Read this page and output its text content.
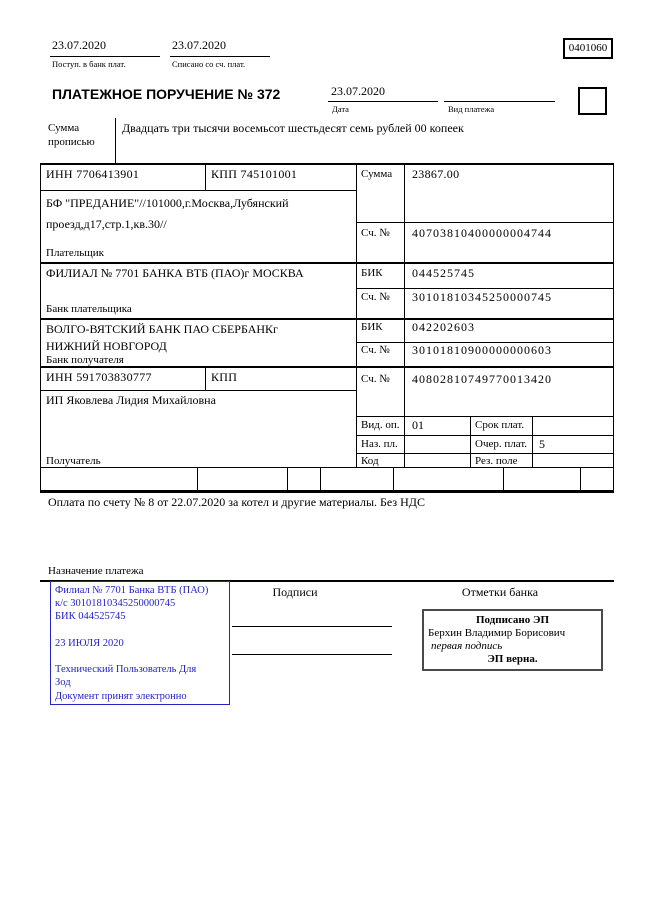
23.07.2020
Поступ. в банк плат.
23.07.2020
Списано со сч. плат.
0401060
ПЛАТЕЖНОЕ ПОРУЧЕНИЕ № 372	23.07.2020
Дата	Вид платежа
Сумма прописью
Двадцать три тысячи восемьсот шестьдесят семь рублей 00 копеек
ИНН 7706413901	КПП 745101001	Сумма 23867.00
БФ "ПРЕДАНИЕ"//101000,г.Москва,Лубянский проезд,д17,стр.1,кв.30//
Сч. № 40703810400000004744
Плательщик
ФИЛИАЛ № 7701 БАНКА ВТБ (ПАО)г МОСКВА	БИК 044525745
Сч. № 30101810345250000745
Банк плательщика
ВОЛГО-ВЯТСКИЙ БАНК ПАО СБЕРБАНКг НИЖНИЙ НОВГОРОД
БИК 042202603
Сч. № 30101810900000000603
Банк получателя
ИНН 591703830777	КПП	Сч. № 40802810749770013420
ИП Яковлева Лидия Михайловна
Вид. оп. 01	Срок плат.
Наз. пл.	Очер. плат. 5
Код	Рез. поле
Получатель
Оплата по счету № 8 от 22.07.2020 за котел и другие материалы. Без НДС
Назначение платежа
Подписи	Отметки банка
Филиал № 7701 Банка ВТБ (ПАО)
к/с 30101810345250000745
БИК 044525745
23 ИЮЛЯ 2020
Технический Пользователь Для
Зод
Документ принят электронно
Подписано ЭП
Берхин Владимир Борисович
первая подпись
ЭП верна.
